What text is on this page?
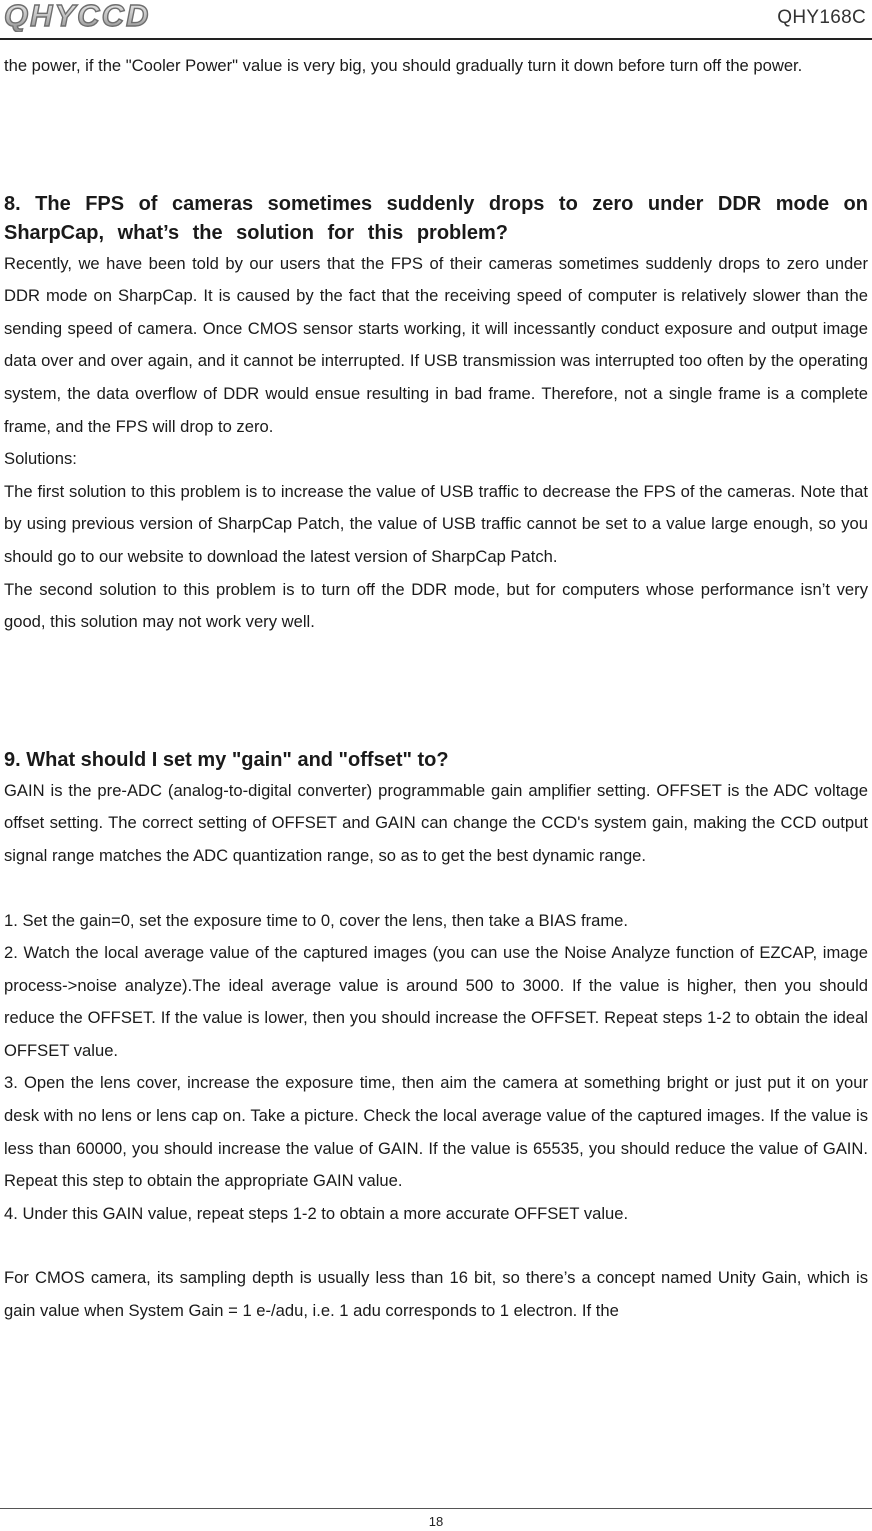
QHYCCD	QHY168C

the power, if the "Cooler Power" value is very big, you should gradually turn it down before turn off the power.

8. The FPS of cameras sometimes suddenly drops to zero under DDR mode on SharpCap, what’s the solution for this problem?

Recently, we have been told by our users that the FPS of their cameras sometimes suddenly drops to zero under DDR mode on SharpCap. It is caused by the fact that the receiving speed of computer is relatively slower than the sending speed of camera. Once CMOS sensor starts working, it will incessantly conduct exposure and output image data over and over again, and it cannot be interrupted. If USB transmission was interrupted too often by the operating system, the data overflow of DDR would ensue resulting in bad frame. Therefore, not a single frame is a complete frame, and the FPS will drop to zero.

Solutions:

The first solution to this problem is to increase the value of USB traffic to decrease the FPS of the cameras. Note that by using previous version of SharpCap Patch, the value of USB traffic cannot be set to a value large enough, so you should go to our website to download the latest version of SharpCap Patch.

The second solution to this problem is to turn off the DDR mode, but for computers whose performance isn’t very good, this solution may not work very well.

9. What should I set my "gain" and "offset" to?

GAIN is the pre-ADC (analog-to-digital converter) programmable gain amplifier setting. OFFSET is the ADC voltage offset setting. The correct setting of OFFSET and GAIN can change the CCD's system gain, making the CCD output signal range matches the ADC quantization range, so as to get the best dynamic range.

1. Set the gain=0, set the exposure time to 0, cover the lens, then take a BIAS frame.

2. Watch the local average value of the captured images (you can use the Noise Analyze function of EZCAP, image process->noise analyze).The ideal average value is around 500 to 3000. If the value is higher, then you should reduce the OFFSET. If the value is lower, then you should increase the OFFSET. Repeat steps 1-2 to obtain the ideal OFFSET value.

3. Open the lens cover, increase the exposure time, then aim the camera at something bright or just put it on your desk with no lens or lens cap on. Take a picture. Check the local average value of the captured images. If the value is less than 60000, you should increase the value of GAIN. If the value is 65535, you should reduce the value of GAIN. Repeat this step to obtain the appropriate GAIN value.

4. Under this GAIN value, repeat steps 1-2 to obtain a more accurate OFFSET value.

For CMOS camera, its sampling depth is usually less than 16 bit, so there’s a concept named Unity Gain, which is gain value when System Gain = 1 e-/adu, i.e. 1 adu corresponds to 1 electron. If the

18
